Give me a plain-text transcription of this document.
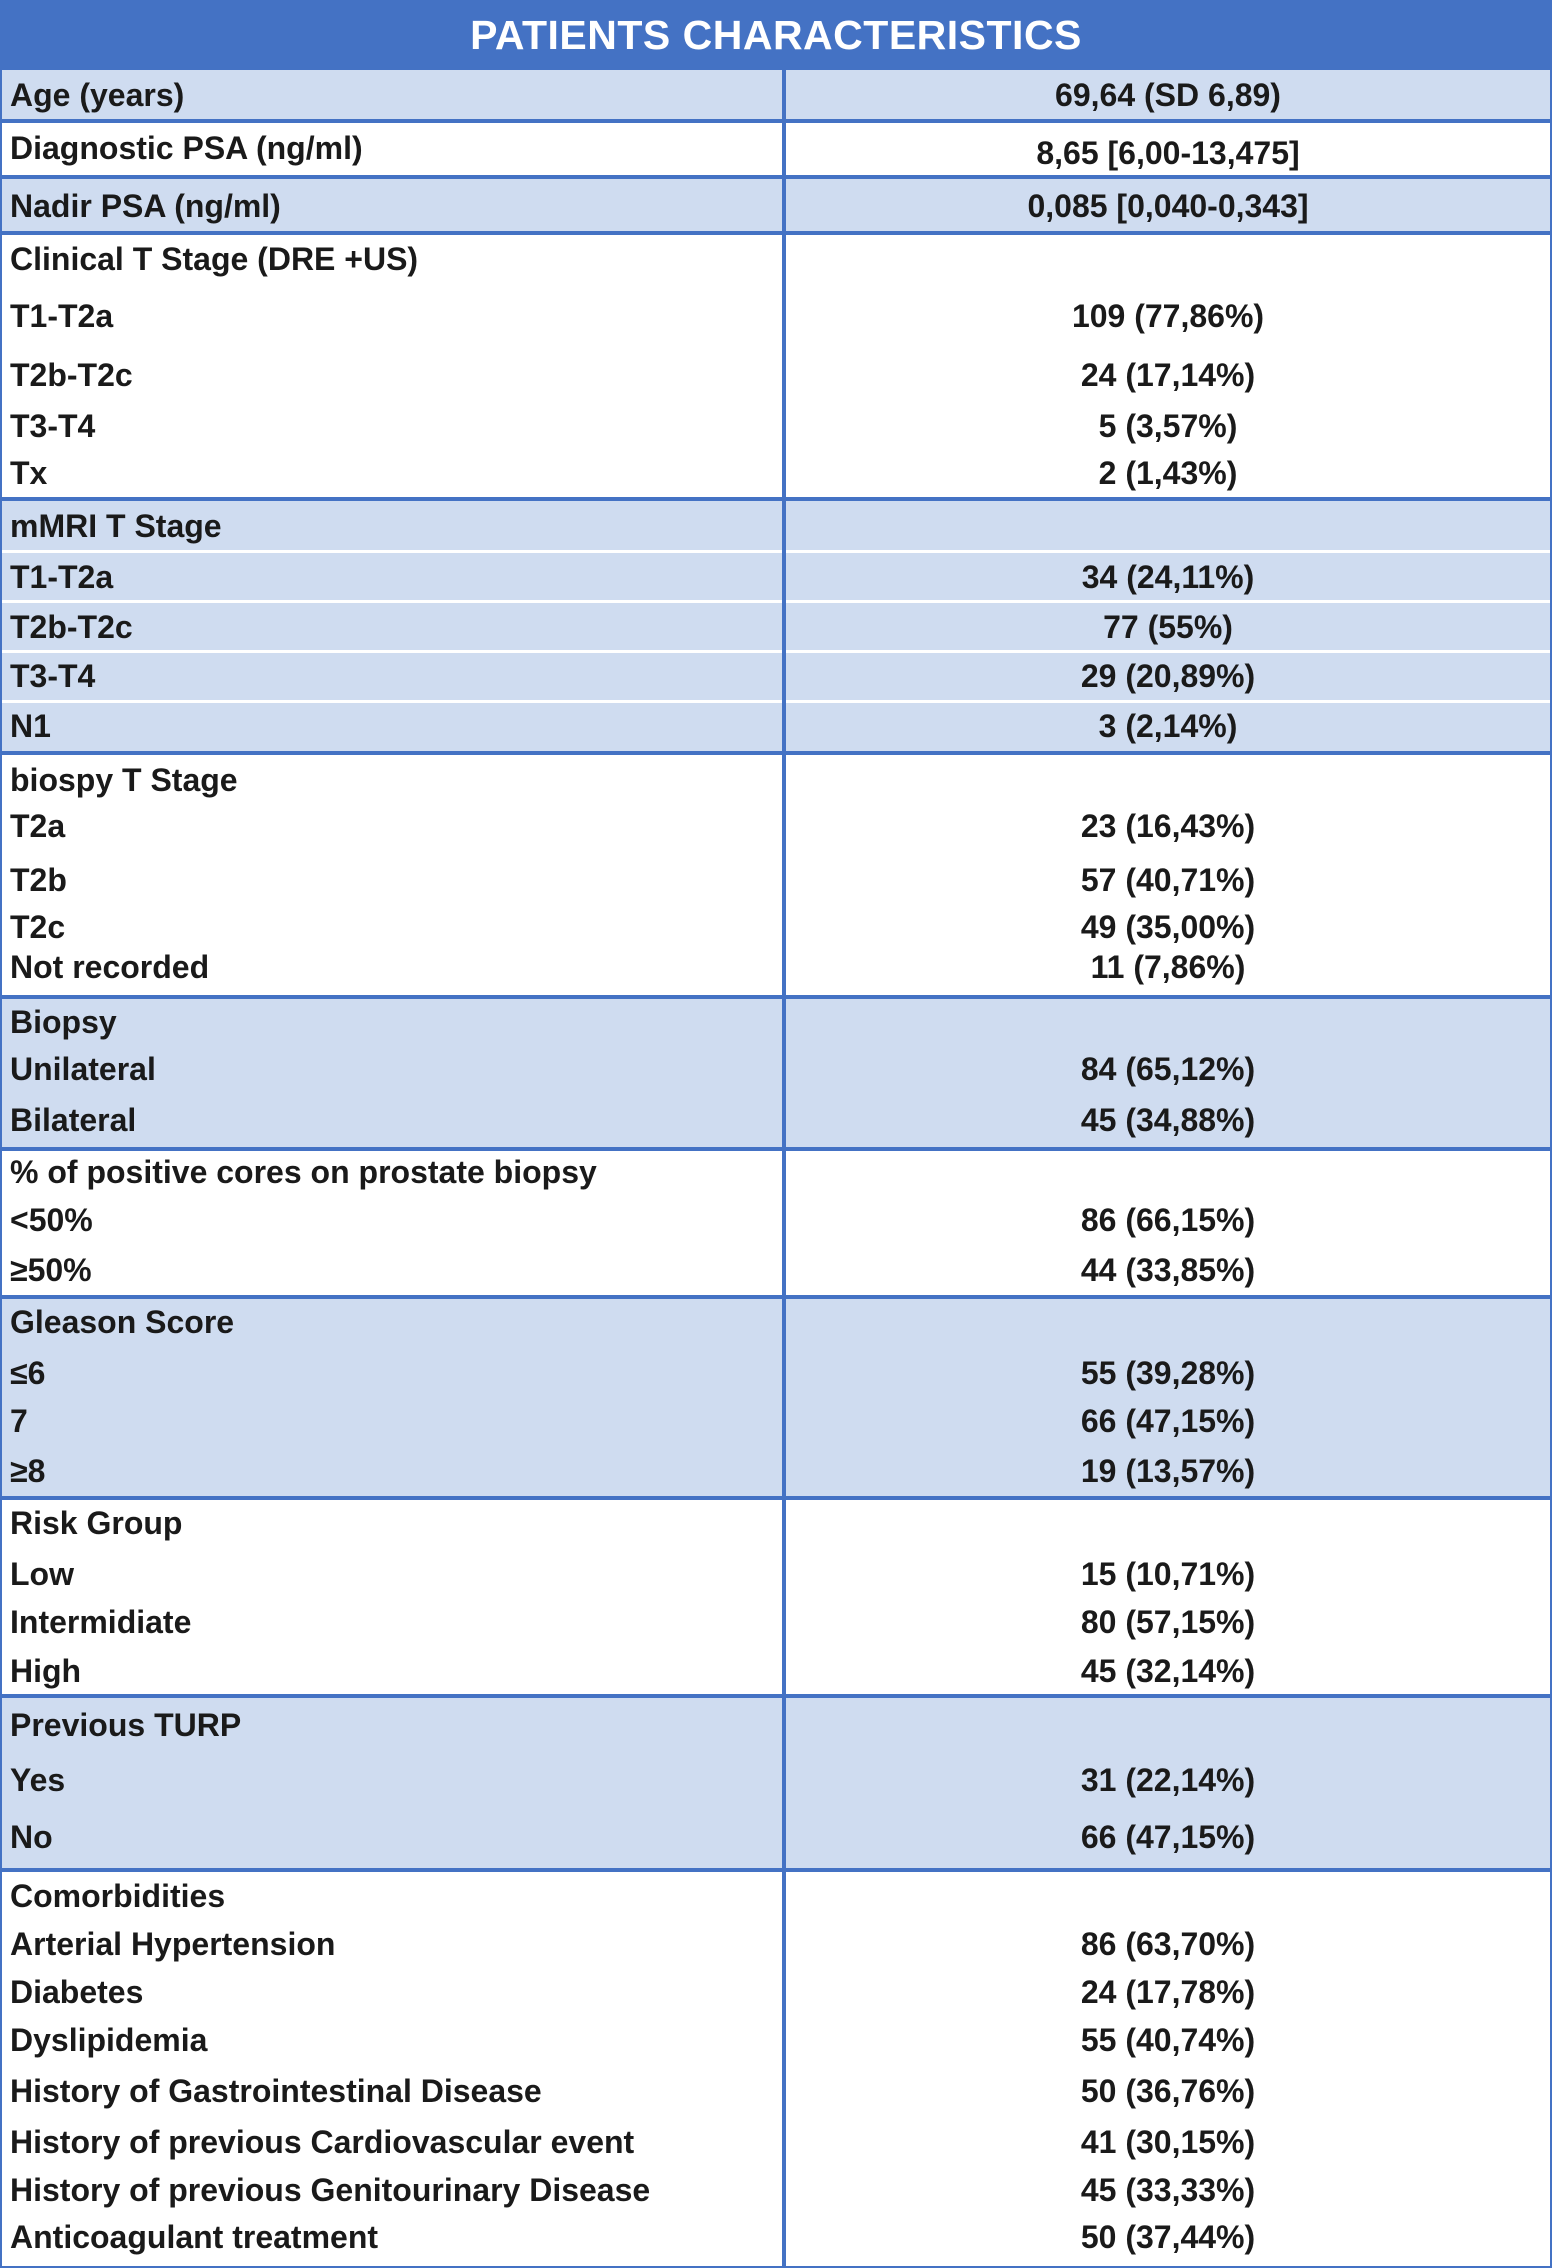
PATIENTS CHARACTERISTICS
Age (years)	69,64 (SD 6,89)
Diagnostic PSA (ng/ml)	8,65 [6,00-13,475]
Nadir PSA (ng/ml)	0,085 [0,040-0,343]
Clinical T Stage (DRE +US)
T1-T2a	109 (77,86%)
T2b-T2c	24 (17,14%)
T3-T4	5 (3,57%)
Tx	2 (1,43%)
mMRI T Stage
T1-T2a	34 (24,11%)
T2b-T2c	77 (55%)
T3-T4	29 (20,89%)
N1	3 (2,14%)
biospy T Stage
T2a	23 (16,43%)
T2b	57 (40,71%)
T2c	49 (35,00%)
Not recorded	11 (7,86%)
Biopsy
Unilateral	84 (65,12%)
Bilateral	45 (34,88%)
% of positive cores on prostate biopsy
<50%	86 (66,15%)
≥50%	44 (33,85%)
Gleason Score
≤6	55 (39,28%)
7	66 (47,15%)
≥8	19 (13,57%)
Risk Group
Low	15 (10,71%)
Intermidiate	80 (57,15%)
High	45 (32,14%)
Previous TURP
Yes	31 (22,14%)
No	66 (47,15%)
Comorbidities
Arterial Hypertension	86 (63,70%)
Diabetes	24 (17,78%)
Dyslipidemia	55 (40,74%)
History of Gastrointestinal Disease	50 (36,76%)
History of previous Cardiovascular event	41 (30,15%)
History of previous Genitourinary Disease	45 (33,33%)
Anticoagulant treatment	50 (37,44%)
